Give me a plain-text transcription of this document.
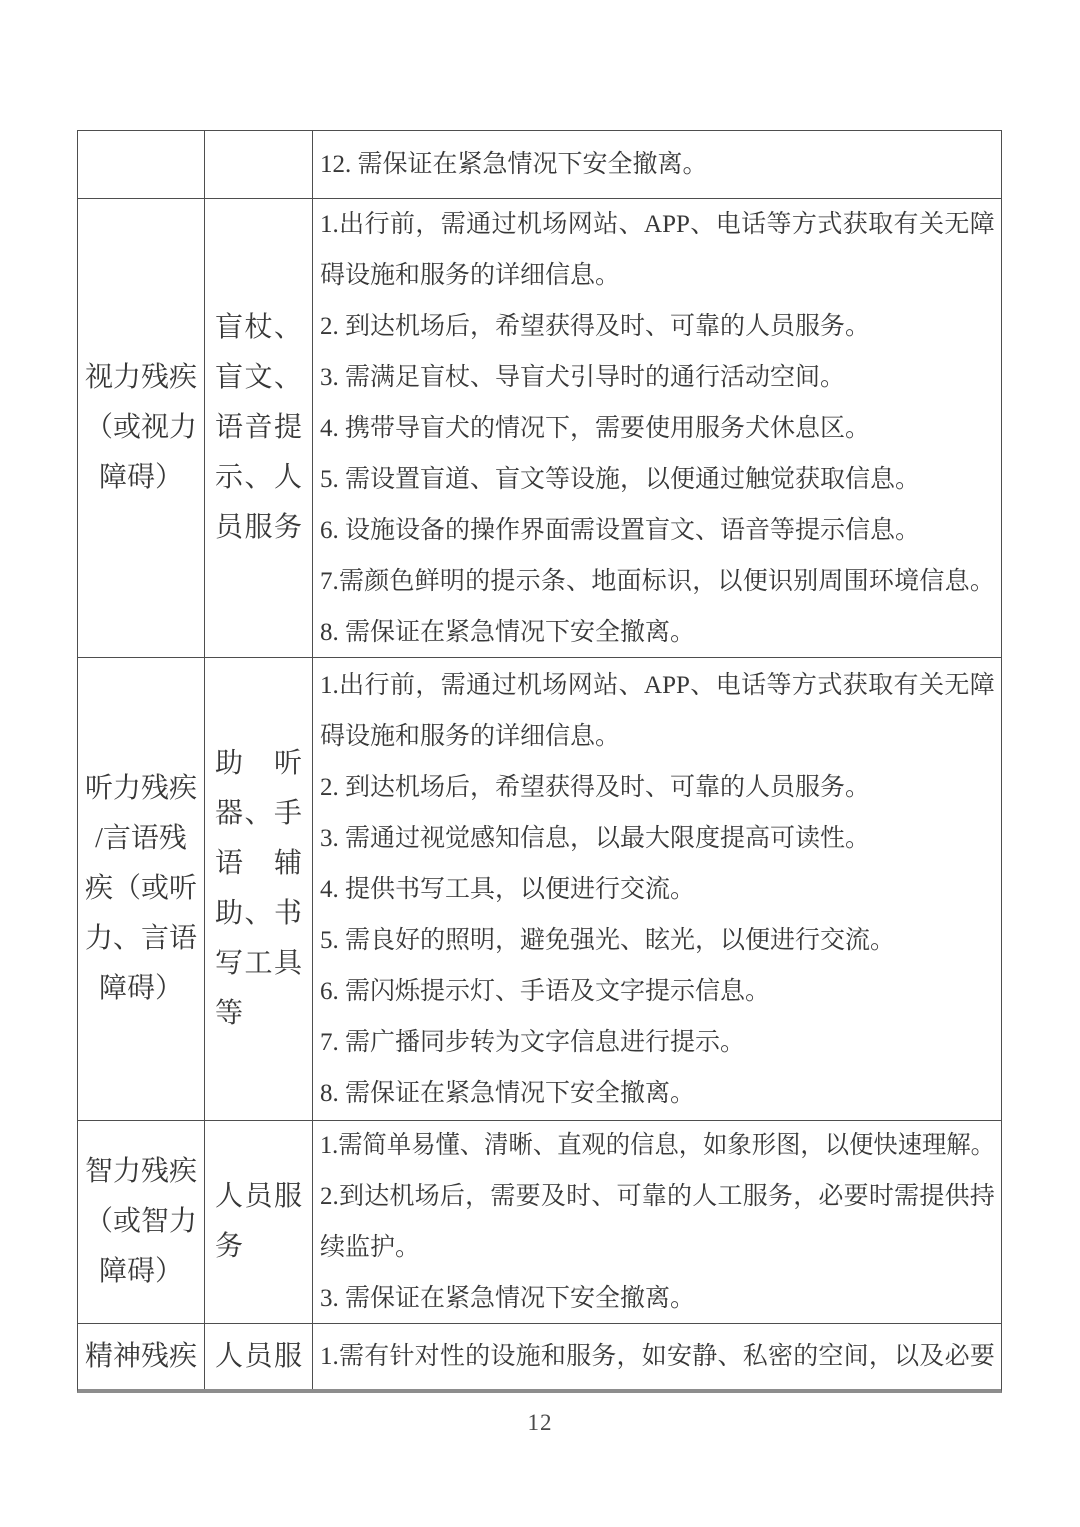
12. 需保证在紧急情况下安全撤离。
视力残疾
（或视力
障碍）
盲 杖 、
盲 文 、
语 音 提
示 、 人
员 服 务
1. 出 行 前 ， 需 通 过 机 场 网 站 、 APP 、 电 话 等 方 式 获 取 有 关 无 障
碍设施和服务的详细信息。
2. 到达机场后，希望获得及时、可靠的人员服务。
3. 需满足盲杖、导盲犬引导时的通行活动空间。
4. 携带导盲犬的情况下，需要使用服务犬休息区。
5. 需设置盲道、盲文等设施，以便通过触觉获取信息。
6. 设施设备的操作界面需设置盲文、语音等提示信息。
7. 需 颜 色 鲜 明 的 提 示 条 、 地 面 标 识 ， 以 便 识 别 周 围 环 境 信 息 。
8. 需保证在紧急情况下安全撤离。
听力残疾
/言语残
疾（或听
力、言语
障碍）
助 听
器 、 手
语 辅
助 、 书
写 工 具
等
1. 出 行 前 ， 需 通 过 机 场 网 站 、 APP 、 电 话 等 方 式 获 取 有 关 无 障
碍设施和服务的详细信息。
2. 到达机场后，希望获得及时、可靠的人员服务。
3. 需通过视觉感知信息，以最大限度提高可读性。
4. 提供书写工具，以便进行交流。
5. 需良好的照明，避免强光、眩光，以便进行交流。
6. 需闪烁提示灯、手语及文字提示信息。
7. 需广播同步转为文字信息进行提示。
8. 需保证在紧急情况下安全撤离。
智力残疾
（或智力
障碍）
人 员 服
务
1. 需 简 单 易 懂 、 清 晰 、 直 观 的 信 息 ， 如 象 形 图 ， 以 便 快 速 理 解 。
2. 到 达 机 场 后 ， 需 要 及 时 、 可 靠 的 人 工 服 务 ， 必 要 时 需 提 供 持
续监护。
3. 需保证在紧急情况下安全撤离。
精神残疾 人 员 服 1. 需 有 针 对 性 的 设 施 和 服 务 ， 如 安 静 、 私 密 的 空 间 ， 以 及 必 要
12
